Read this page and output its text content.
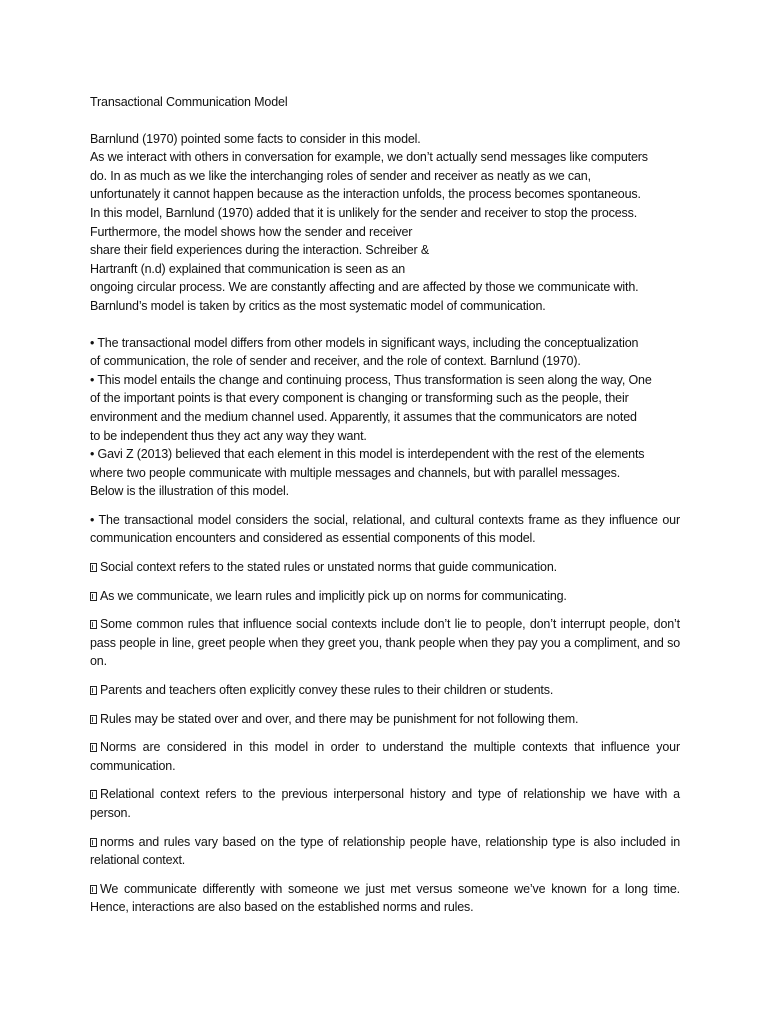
Transactional Communication Model

Barnlund (1970) pointed some facts to consider in this model.

As we interact with others in conversation for example, we don’t actually send messages like computers

do. In as much as we like the interchanging roles of sender and receiver as neatly as we can,

unfortunately it cannot happen because as the interaction unfolds, the process becomes spontaneous.

In this model, Barnlund (1970) added that it is unlikely for the sender and receiver to stop the process.

Furthermore, the model shows how the sender and receiver

share their field experiences during the interaction. Schreiber &

Hartranft (n.d) explained that communication is seen as an

ongoing circular process. We are constantly affecting and are affected by those we communicate with.

Barnlund’s model is taken by critics as the most systematic model of communication.

• The transactional model differs from other models in significant ways, including the conceptualization

of communication, the role of sender and receiver, and the role of context. Barnlund (1970).

• This model entails the change and continuing process, Thus transformation is seen along the way, One

of the important points is that every component is changing or transforming such as the people, their

environment and the medium channel used. Apparently, it assumes that the communicators are noted

to be independent thus they act any way they want.

• Gavi Z (2013) believed that each element in this model is interdependent with the rest of the elements

where two people communicate with multiple messages and channels, but with parallel messages.

Below is the illustration of this model.

• The transactional model considers the social, relational, and cultural contexts frame as they influence our communication encounters and considered as essential components of this model.

Social context refers to the stated rules or unstated norms that guide communication.

As we communicate, we learn rules and implicitly pick up on norms for communicating.

Some common rules that influence social contexts include don’t lie to people, don’t interrupt people, don’t pass people in line, greet people when they greet you, thank people when they pay you a compliment, and so on.

Parents and teachers often explicitly convey these rules to their children or students.

Rules may be stated over and over, and there may be punishment for not following them.

Norms are considered in this model in order to understand the multiple contexts that influence your communication.

Relational context refers to the previous interpersonal history and type of relationship we have with a person.

norms and rules vary based on the type of relationship people have, relationship type is also included in relational context.

We communicate differently with someone we just met versus someone we’ve known for a long time. Hence, interactions are also based on the established norms and rules.
